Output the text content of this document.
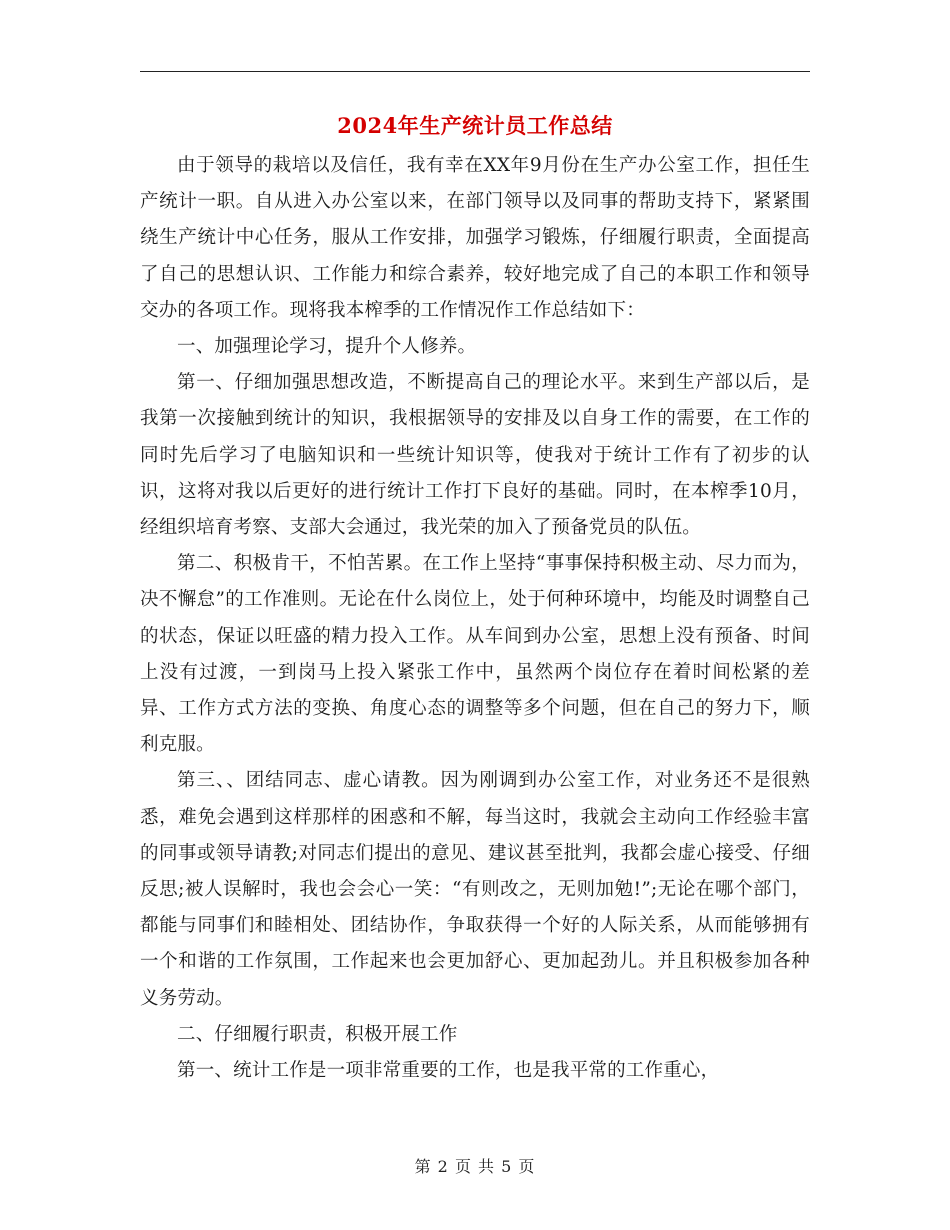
2024年生产统计员工作总结

由于领导的栽培以及信任，我有幸在XX年9月份在生产办公室工作，担任生产统计一职。自从进入办公室以来，在部门领导以及同事的帮助支持下，紧紧围绕生产统计中心任务，服从工作安排，加强学习锻炼，仔细履行职责，全面提高了自己的思想认识、工作能力和综合素养，较好地完成了自己的本职工作和领导交办的各项工作。现将我本榨季的工作情况作工作总结如下：

一、加强理论学习，提升个人修养。

第一、仔细加强思想改造，不断提高自己的理论水平。来到生产部以后，是我第一次接触到统计的知识，我根据领导的安排及以自身工作的需要，在工作的同时先后学习了电脑知识和一些统计知识等，使我对于统计工作有了初步的认识，这将对我以后更好的进行统计工作打下良好的基础。同时，在本榨季10月，经组织培育考察、支部大会通过，我光荣的加入了预备党员的队伍。

第二、积极肯干，不怕苦累。在工作上坚持“事事保持积极主动、尽力而为，决不懈怠”的工作准则。无论在什么岗位上，处于何种环境中，均能及时调整自己的状态，保证以旺盛的精力投入工作。从车间到办公室，思想上没有预备、时间上没有过渡，一到岗马上投入紧张工作中，虽然两个岗位存在着时间松紧的差异、工作方式方法的变换、角度心态的调整等多个问题，但在自己的努力下，顺利克服。

第三、、团结同志、虚心请教。因为刚调到办公室工作，对业务还不是很熟悉，难免会遇到这样那样的困惑和不解，每当这时，我就会主动向工作经验丰富的同事或领导请教;对同志们提出的意见、建议甚至批判，我都会虚心接受、仔细反思;被人误解时，我也会会心一笑：“有则改之，无则加勉!”;无论在哪个部门，都能与同事们和睦相处、团结协作，争取获得一个好的人际关系，从而能够拥有一个和谐的工作氛围，工作起来也会更加舒心、更加起劲儿。并且积极参加各种义务劳动。

二、仔细履行职责，积极开展工作

第一、统计工作是一项非常重要的工作，也是我平常的工作重心，

第 2 页 共 5 页
